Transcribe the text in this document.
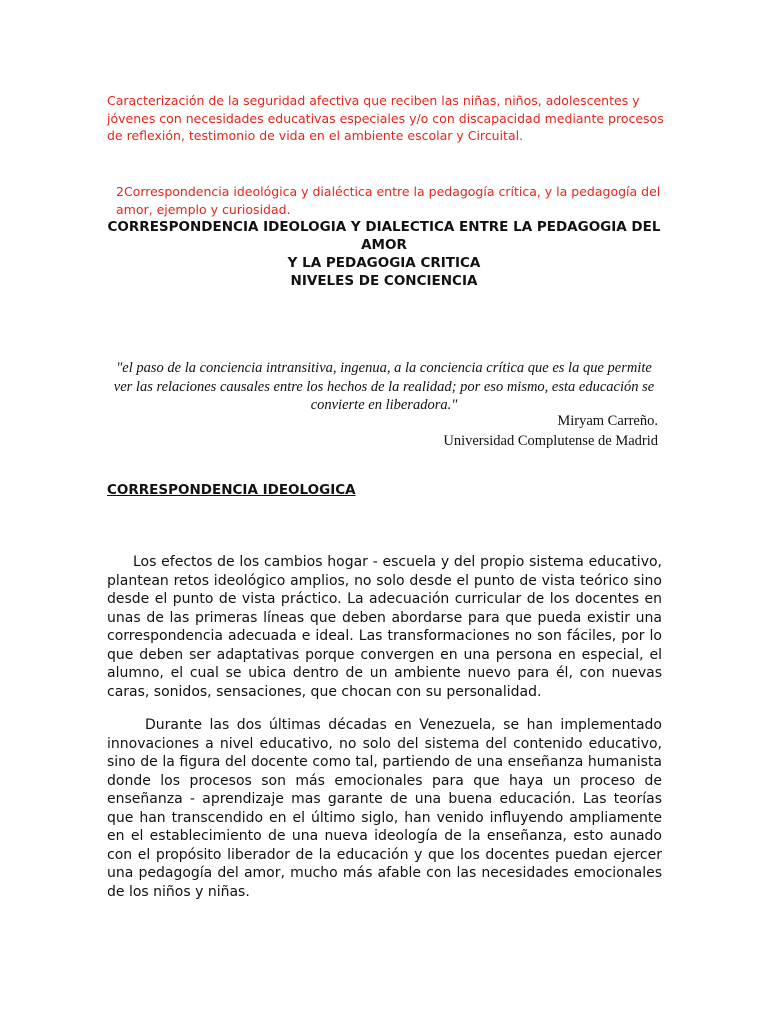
Caracterización de la seguridad afectiva que reciben las niñas, niños, adolescentes y jóvenes con necesidades educativas especiales y/o con discapacidad mediante procesos de reflexión, testimonio de vida en el ambiente escolar y Circuital.

2Correspondencia ideológica y dialéctica entre la pedagogía crítica, y la pedagogía del amor, ejemplo y curiosidad.

CORRESPONDENCIA IDEOLOGIA Y DIALECTICA ENTRE LA PEDAGOGIA DEL AMOR
Y LA PEDAGOGIA CRITICA
NIVELES DE CONCIENCIA

"el paso de la conciencia intransitiva, ingenua, a la conciencia crítica que es la que permite ver las relaciones causales entre los hechos de la realidad; por eso mismo, esta educación se convierte en liberadora."

Miryam Carreño.
Universidad Complutense de Madrid
CORRESPONDENCIA IDEOLOGICA

Los efectos de los cambios hogar - escuela y del propio sistema educativo, plantean retos ideológico amplios, no solo desde el punto de vista teórico sino desde el punto de vista práctico. La adecuación curricular de los docentes en unas de las primeras líneas que deben abordarse para que pueda existir una correspondencia adecuada e ideal. Las transformaciones no son fáciles, por lo que deben ser adaptativas porque convergen en una persona en especial, el alumno, el cual se ubica dentro de un ambiente nuevo para él, con nuevas caras, sonidos, sensaciones, que chocan con su personalidad.

Durante las dos últimas décadas en Venezuela, se han implementado innovaciones a nivel educativo, no solo del sistema del contenido educativo, sino de la figura del docente como tal, partiendo de una enseñanza humanista donde los procesos son más emocionales para que haya un proceso de enseñanza - aprendizaje mas garante de una buena educación. Las teorías que han transcendido en el último siglo, han venido influyendo ampliamente en el establecimiento de una nueva ideología de la enseñanza, esto aunado con el propósito liberador de la educación y que los docentes puedan ejercer una pedagogía del amor, mucho más afable con las necesidades emocionales de los niños y niñas.
